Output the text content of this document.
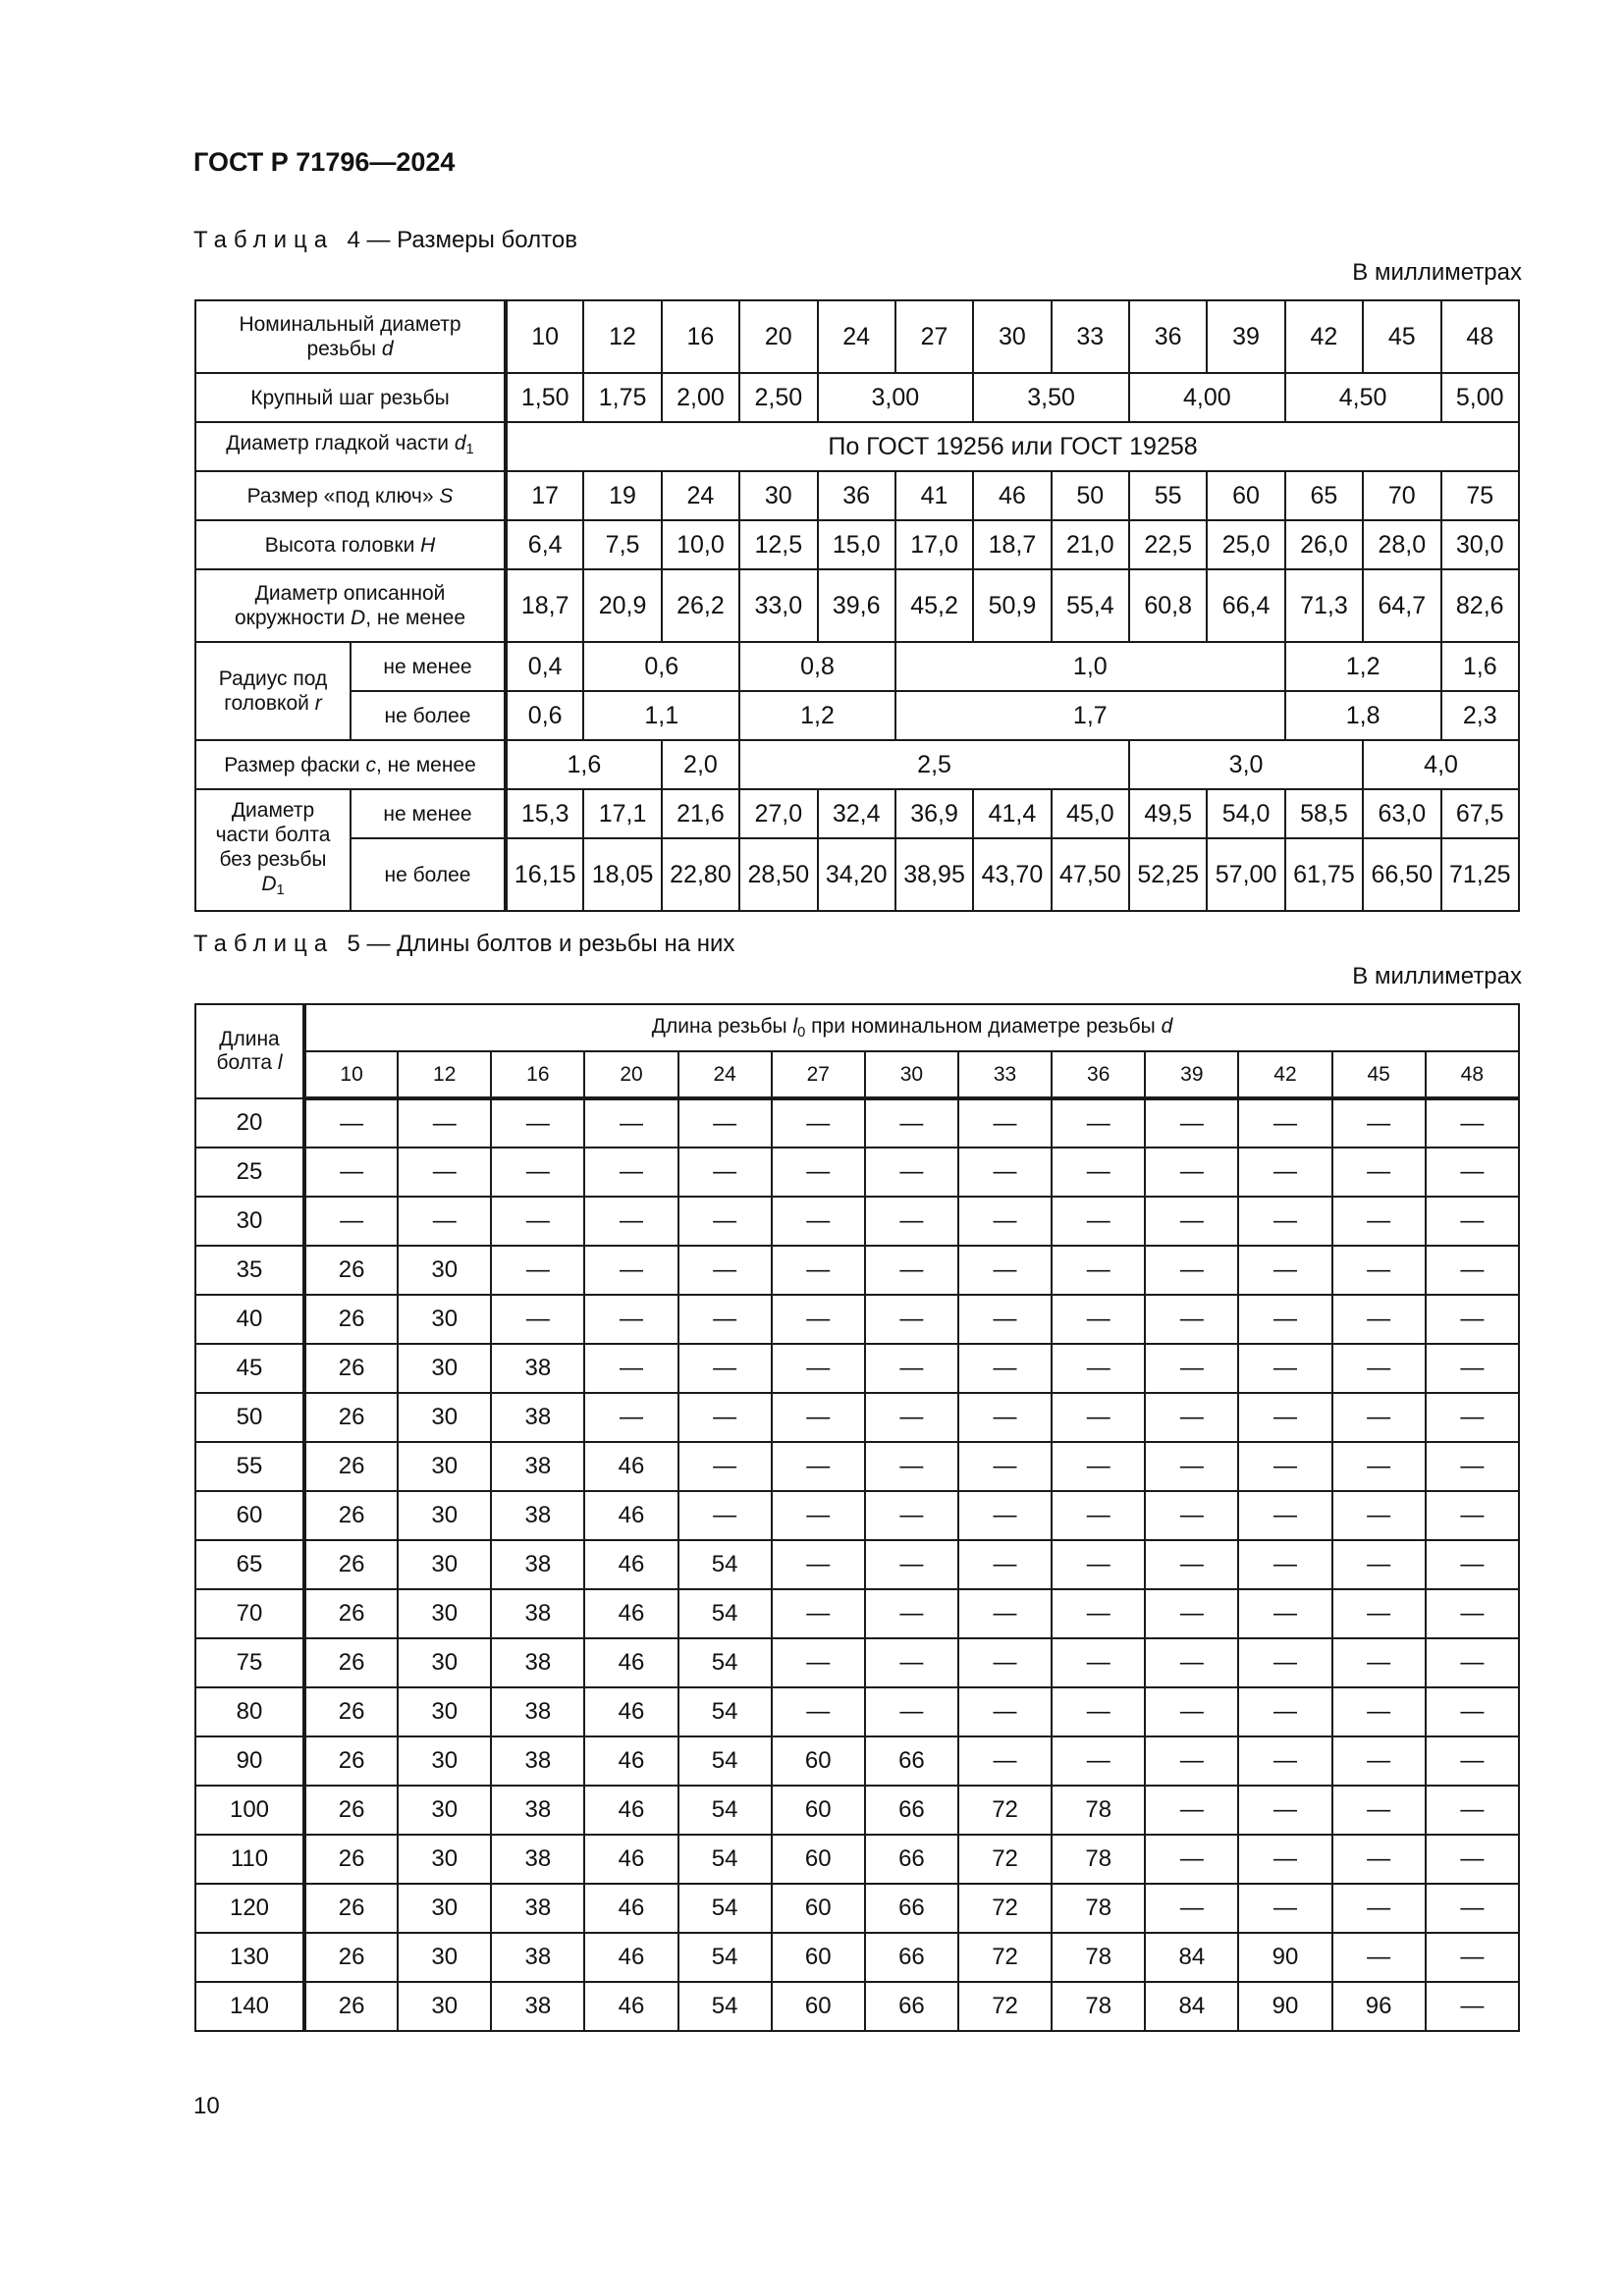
ГОСТ Р 71796—2024
Таблица 4 — Размеры болтов
В миллиметрах
Номинальный диаметр
резьбы d		10	12	16	20	24	27	30	33	36	39	42	45	48
Крупный шаг резьбы		1,50	1,75	2,00	2,50	3,00		3,50		4,00		4,50		5,00
Диаметр гладкой части $d_1$		По ГОСТ 19256 или ГОСТ 19258												
Размер «под ключ» S		17	19	24	30	36	41	46	50	55	60	65	70	75
Высота головки H		6,4	7,5	10,0	12,5	15,0	17,0	18,7	21,0	22,5	25,0	26,0	28,0	30,0
Диаметр описанной
окружности D, не менее		18,7	20,9	26,2	33,0	39,6	45,2	50,9	55,4	60,8	66,4	71,3	64,7	82,6
Радиус под
головкой r	не менее	0,4	0,6		0,8		1,0					1,2		1,6
	не более	0,6	1,1		1,2		1,7					1,8		2,3
Размер фаски c, не менее		1,6		2,0	2,5					3,0			4,0	
Диаметр
части болта
без резьбы
$D_1$	не менее	15,3	17,1	21,6	27,0	32,4	36,9	41,4	45,0	49,5	54,0	58,5	63,0	67,5
	не более	16,15	18,05	22,80	28,50	34,20	38,95	43,70	47,50	52,25	57,00	61,75	66,50	71,25
Таблица 5 — Длины болтов и резьбы на них
В миллиметрах
Длина
болта l	Длина резьбы $l_0$ при номинальном диаметре резьбы d												
	10	12	16	20	24	27	30	33	36	39	42	45	48
20	—	—	—	—	—	—	—	—	—	—	—	—	—
25	—	—	—	—	—	—	—	—	—	—	—	—	—
30	—	—	—	—	—	—	—	—	—	—	—	—	—
35	26	30	—	—	—	—	—	—	—	—	—	—	—
40	26	30	—	—	—	—	—	—	—	—	—	—	—
45	26	30	38	—	—	—	—	—	—	—	—	—	—
50	26	30	38	—	—	—	—	—	—	—	—	—	—
55	26	30	38	46	—	—	—	—	—	—	—	—	—
60	26	30	38	46	—	—	—	—	—	—	—	—	—
65	26	30	38	46	54	—	—	—	—	—	—	—	—
70	26	30	38	46	54	—	—	—	—	—	—	—	—
75	26	30	38	46	54	—	—	—	—	—	—	—	—
80	26	30	38	46	54	—	—	—	—	—	—	—	—
90	26	30	38	46	54	60	66	—	—	—	—	—	—
100	26	30	38	46	54	60	66	72	78	—	—	—	—
110	26	30	38	46	54	60	66	72	78	—	—	—	—
120	26	30	38	46	54	60	66	72	78	—	—	—	—
130	26	30	38	46	54	60	66	72	78	84	90	—	—
140	26	30	38	46	54	60	66	72	78	84	90	96	—
10
